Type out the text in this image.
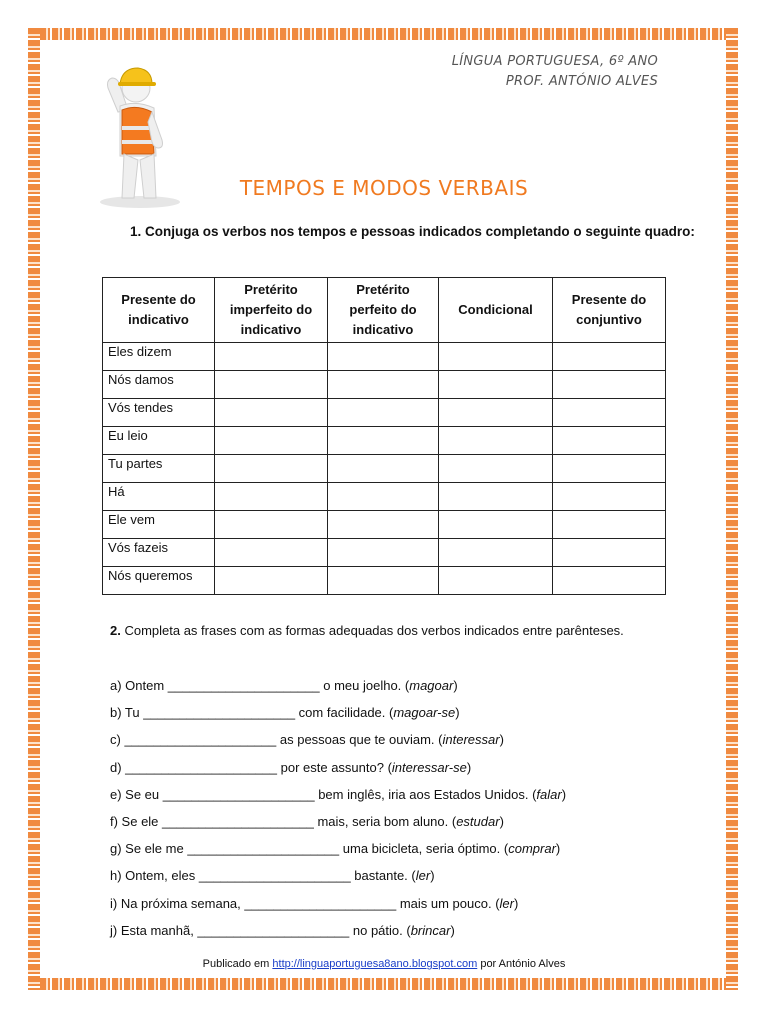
LÍNGUA PORTUGUESA, 6º ANO
PROF. ANTÓNIO ALVES
TEMPOS E MODOS VERBAIS
1. Conjuga os verbos nos tempos e pessoas indicados completando o seguinte quadro:
Presente do indicativo	Pretérito imperfeito do indicativo	Pretérito perfeito do indicativo	Condicional	Presente do conjuntivo
Eles dizem				
Nós damos				
Vós tendes				
Eu leio				
Tu partes				
Há				
Ele vem				
Vós fazeis				
Nós queremos				
2. Completa as frases com as formas adequadas dos verbos indicados entre parênteses.
a) Ontem _____________________ o meu joelho. (magoar)
b) Tu _____________________ com facilidade. (magoar-se)
c) _____________________ as pessoas que te ouviam. (interessar)
d) _____________________ por este assunto? (interessar-se)
e) Se eu _____________________ bem inglês, iria aos Estados Unidos. (falar)
f) Se ele _____________________ mais, seria bom aluno. (estudar)
g) Se ele me _____________________ uma bicicleta, seria óptimo. (comprar)
h) Ontem, eles _____________________ bastante. (ler)
i) Na próxima semana, _____________________ mais um pouco. (ler)
j) Esta manhã, _____________________ no pátio. (brincar)
Publicado em http://linguaportuguesa8ano.blogspot.com por António Alves
